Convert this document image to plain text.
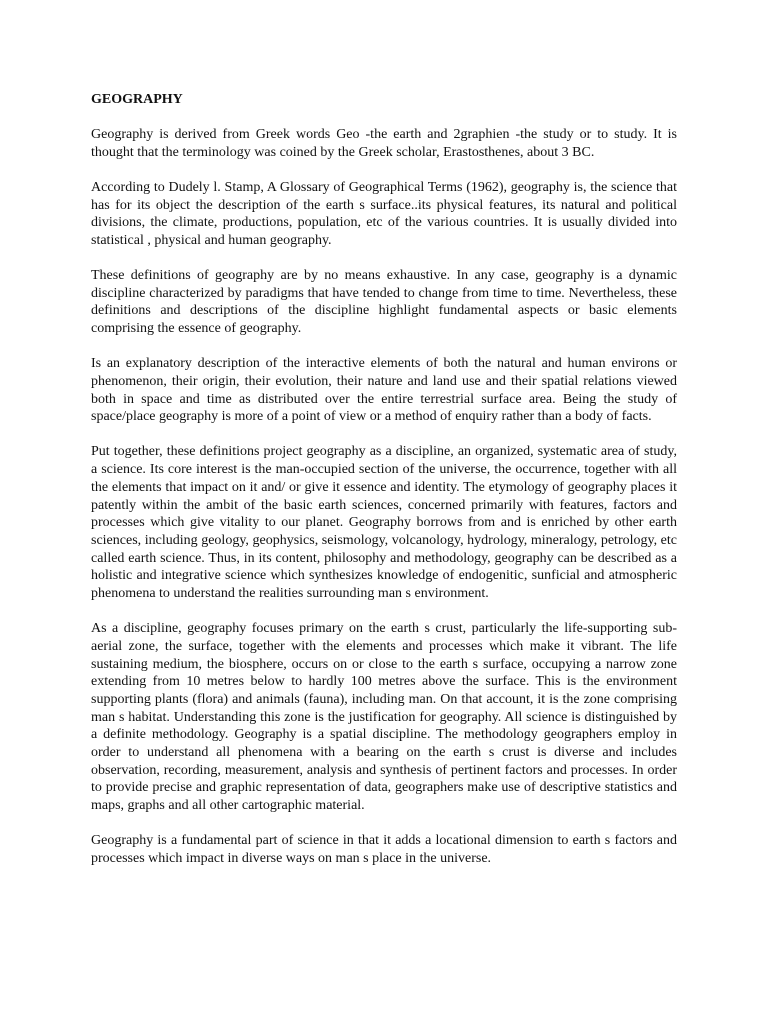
GEOGRAPHY

Geography is derived from Greek words Geo -the earth and 2graphien -the study or to study. It is thought that the terminology was coined by the Greek scholar, Erastosthenes, about 3 BC.

According to Dudely l. Stamp, A Glossary of Geographical Terms (1962), geography is, the science that has for its object the description of the earth s surface..its physical features, its natural and political divisions, the climate, productions, population, etc of the various countries. It is usually divided into statistical , physical and human geography.

These definitions of geography are by no means exhaustive. In any case, geography is a dynamic discipline characterized by paradigms that have tended to change from time to time. Nevertheless, these definitions and descriptions of the discipline highlight fundamental aspects or basic elements comprising the essence of geography.

Is an explanatory description of the interactive elements of both the natural and human environs or phenomenon, their origin, their evolution, their nature and land use and their spatial relations viewed both in space and time as distributed over the entire terrestrial surface area. Being the study of space/place geography is more of a point of view or a method of enquiry rather than a body of facts.

Put together, these definitions project geography as a discipline, an organized, systematic area of study, a science. Its core interest is the man-occupied section of the universe, the occurrence, together with all the elements that impact on it and/ or give it essence and identity. The etymology of geography places it patently within the ambit of the basic earth sciences, concerned primarily with features, factors and processes which give vitality to our planet. Geography borrows from and is enriched by other earth sciences, including geology, geophysics, seismology, volcanology, hydrology, mineralogy, petrology, etc called earth science. Thus, in its content, philosophy and methodology, geography can be described as a holistic and integrative science which synthesizes knowledge of endogenitic, sunficial and atmospheric phenomena to understand the realities surrounding man s environment.

As a discipline, geography focuses primary on the earth s crust, particularly the life-supporting sub-aerial zone, the surface, together with the elements and processes which make it vibrant. The life sustaining medium, the biosphere, occurs on or close to the earth s surface, occupying a narrow zone extending from 10 metres below to hardly 100 metres above the surface. This is the environment supporting plants (flora) and animals (fauna), including man. On that account, it is the zone comprising man s habitat. Understanding this zone is the justification for geography. All science is distinguished by a definite methodology. Geography is a spatial discipline. The methodology geographers employ in order to understand all phenomena with a bearing on the earth s crust is diverse and includes observation, recording, measurement, analysis and synthesis of pertinent factors and processes. In order to provide precise and graphic representation of data, geographers make use of descriptive statistics and maps, graphs and all other cartographic material.

Geography is a fundamental part of science in that it adds a locational dimension to earth s factors and processes which impact in diverse ways on man s place in the universe.
